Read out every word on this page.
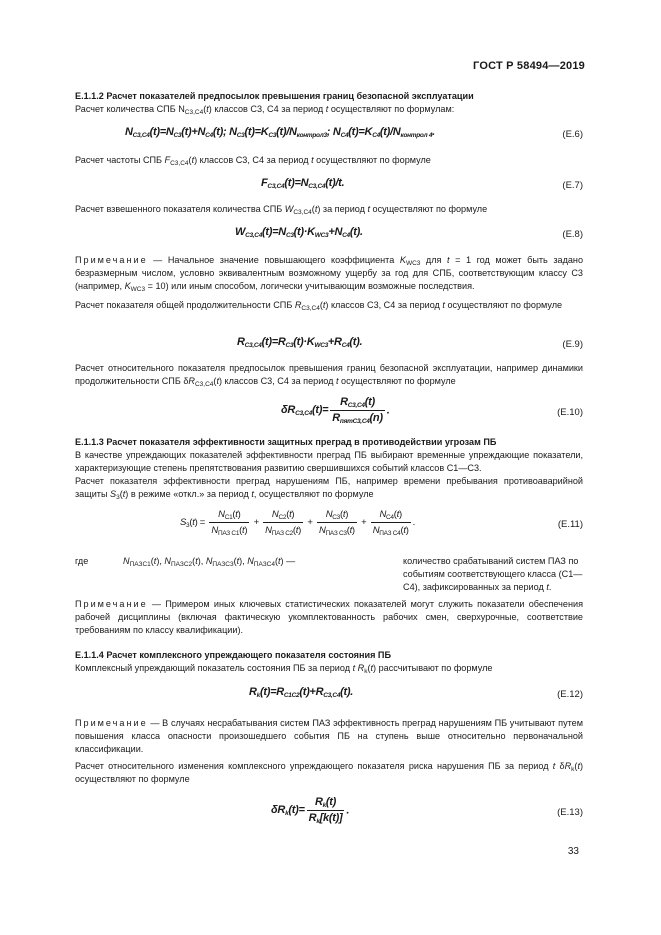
ГОСТ Р 58494—2019
Е.1.1.2 Расчет показателей предпосылок превышения границ безопасной эксплуатации
Расчет количества СПБ $N_{C3,C4}(t)$ классов С3, С4 за период t осуществляют по формулам:
$N_{C3,C4}(t)=N_{C3}(t)+N_{C4}(t)$; $N_{C3}(t)=K_{C3}(t)/N_{контрол3}$; $N_{C4}(t)=K_{C4}(t)/N_{контрол 4}$.	(Е.6)
Расчет частоты СПБ $F_{C3,C4}(t)$ классов С3, С4 за период t осуществляют по формуле
$F_{C3,C4}(t)=N_{C3,C4}(t)/t$.	(Е.7)
Расчет взвешенного показателя количества СПБ $W_{C3,C4}(t)$ за период t осуществляют по формуле
$W_{C3,C4}(t)=N_{C3}(t)\cdot K_{WC3}+N_{C4}(t)$.	(Е.8)
Примечание — Начальное значение повышающего коэффициента $K_{WC3}$ для t = 1 год может быть задано безразмерным числом, условно эквивалентным возможному ущербу за год для СПБ, соответствующим классу С3 (например, $K_{WC3} = 10$) или иным способом, логически учитывающим возможные последствия.
Расчет показателя общей продолжительности СПБ $R_{C3,C4}(t)$ классов С3, С4 за период t осуществляют по формуле
$R_{C3,C4}(t)=R_{C3}(t)\cdot K_{WC3}+R_{C4}(t)$.	(Е.9)
Расчет относительного показателя предпосылок превышения границ безопасной эксплуатации, например динамики продолжительности СПБ $\delta R_{C3,C4}(t)$ классов С3, С4 за период t осуществляют по формуле
$\delta R_{C3,C4}(t)= \frac{R_{C3,C4}(t)}{R_{пятC3,C4}(n)}$ .	(Е.10)
Е.1.1.3 Расчет показателя эффективности защитных преград в противодействии угрозам ПБ
В качестве упреждающих показателей эффективности преград ПБ выбирают временные упреждающие показатели, характеризующие степень препятствования развитию свершившихся событий классов С1—С3.
Расчет показателя эффективности преград нарушениям ПБ, например времени пребывания противоаварийной защиты $S_3(t)$ в режиме «откл.» за период t, осуществляют по формуле
$S_3(t) = \frac{N_{C1}(t)}{N_{ПАЗ C1}(t)} + \frac{N_{C2}(t)}{N_{ПАЗ C2}(t)} + \frac{N_{C3}(t)}{N_{ПАЗ C3}(t)} + \frac{N_{C4}(t)}{N_{ПАЗ C4}(t)}$ .	(Е.11)
где	$N_{ПАЗC1}(t)$, $N_{ПАЗC2}(t)$, $N_{ПАЗC3}(t)$, $N_{ПАЗC4}(t)$ —	количество срабатываний систем ПАЗ по событиям соответствующего класса (С1—С4), зафиксированных за период t.
Примечание — Примером иных ключевых статистических показателей могут служить показатели обеспечения рабочей дисциплины (включая фактическую укомплектованность рабочих смен, сверхурочные, соответствие требованиям по классу квалификации).
Е.1.1.4 Расчет комплексного упреждающего показателя состояния ПБ
Комплексный упреждающий показатель состояния ПБ за период t $R_k(t)$ рассчитывают по формуле
$R_k(t)=R_{C1C2}(t)+R_{C3,C4}(t)$.	(Е.12)
Примечание — В случаях несрабатывания систем ПАЗ эффективность преград нарушениям ПБ учитывают путем повышения класса опасности произошедшего события ПБ на ступень выше относительно первоначальной классификации.
Расчет относительного изменения комплексного упреждающего показателя риска нарушения ПБ за период t $\delta R_k(t)$ осуществляют по формуле
$\delta R_k(t)= \frac{R_k(t)}{R_k[k(t)]}$ .	(Е.13)
33
